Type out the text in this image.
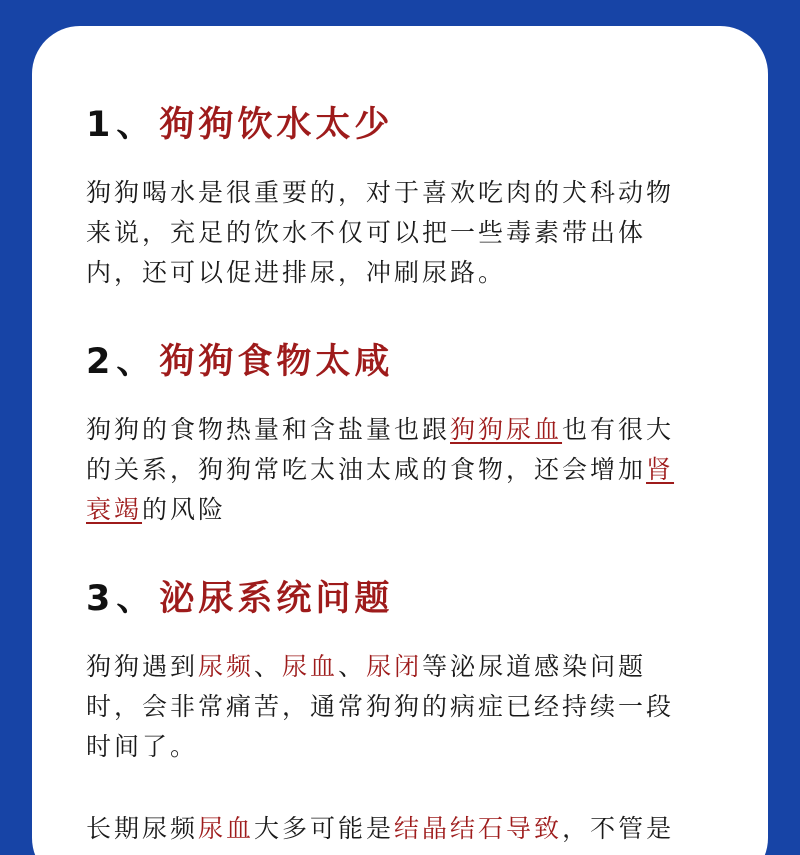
1 、 狗狗饮水太少
狗狗喝水是很重要的，对于喜欢吃肉的犬科动物
来说，充足的饮水不仅可以把一些毒素带出体
内，还可以促进排尿，冲刷尿路。
2 、 狗狗食物太咸
狗狗的食物热量和含盐量也跟狗狗尿血也有很大
的关系，狗狗常吃太油太咸的食物，还会增加肾
衰竭的风险
3 、 泌尿系统问题
狗狗遇到尿频、尿血、尿闭等泌尿道感染问题
时，会非常痛苦，通常狗狗的病症已经持续一段
时间了。
长期尿频尿血大多可能是结晶结石导致，不管是
